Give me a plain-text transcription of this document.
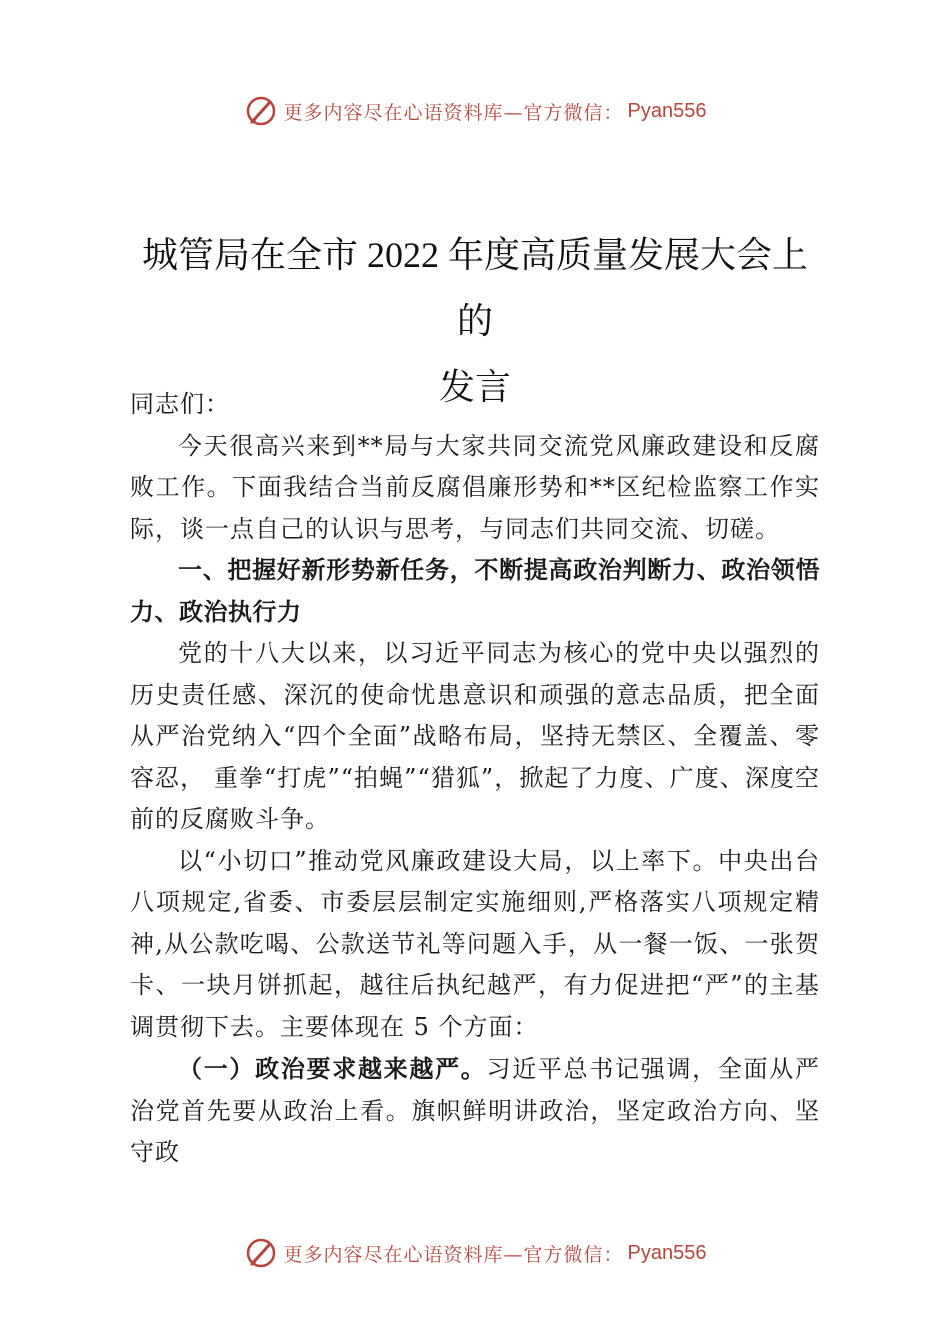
更多内容尽在心语资料库—官方微信： Pyan556
城管局在全市 2022 年度高质量发展大会上的
发言

同志们：

今天很高兴来到**局与大家共同交流党风廉政建设和反腐败工作。下面我结合当前反腐倡廉形势和**区纪检监察工作实际，谈一点自己的认识与思考，与同志们共同交流、切磋。

一、把握好新形势新任务，不断提高政治判断力、政治领悟力、政治执行力

党的十八大以来，以习近平同志为核心的党中央以强烈的历史责任感、深沉的使命忧患意识和顽强的意志品质，把全面从严治党纳入“四个全面”战略布局，坚持无禁区、全覆盖、零容忍， 重拳“打虎”“拍蝇”“猎狐”，掀起了力度、广度、深度空前的反腐败斗争。

以“小切口”推动党风廉政建设大局，以上率下。中央出台八项规定,省委、市委层层制定实施细则,严格落实八项规定精神,从公款吃喝、公款送节礼等问题入手，从一餐一饭、一张贺卡、一块月饼抓起，越往后执纪越严，有力促进把“严”的主基调贯彻下去。主要体现在 5 个方面：

（一）政治要求越来越严。习近平总书记强调，全面从严治党首先要从政治上看。旗帜鲜明讲政治，坚定政治方向、坚守政

更多内容尽在心语资料库—官方微信： Pyan556
